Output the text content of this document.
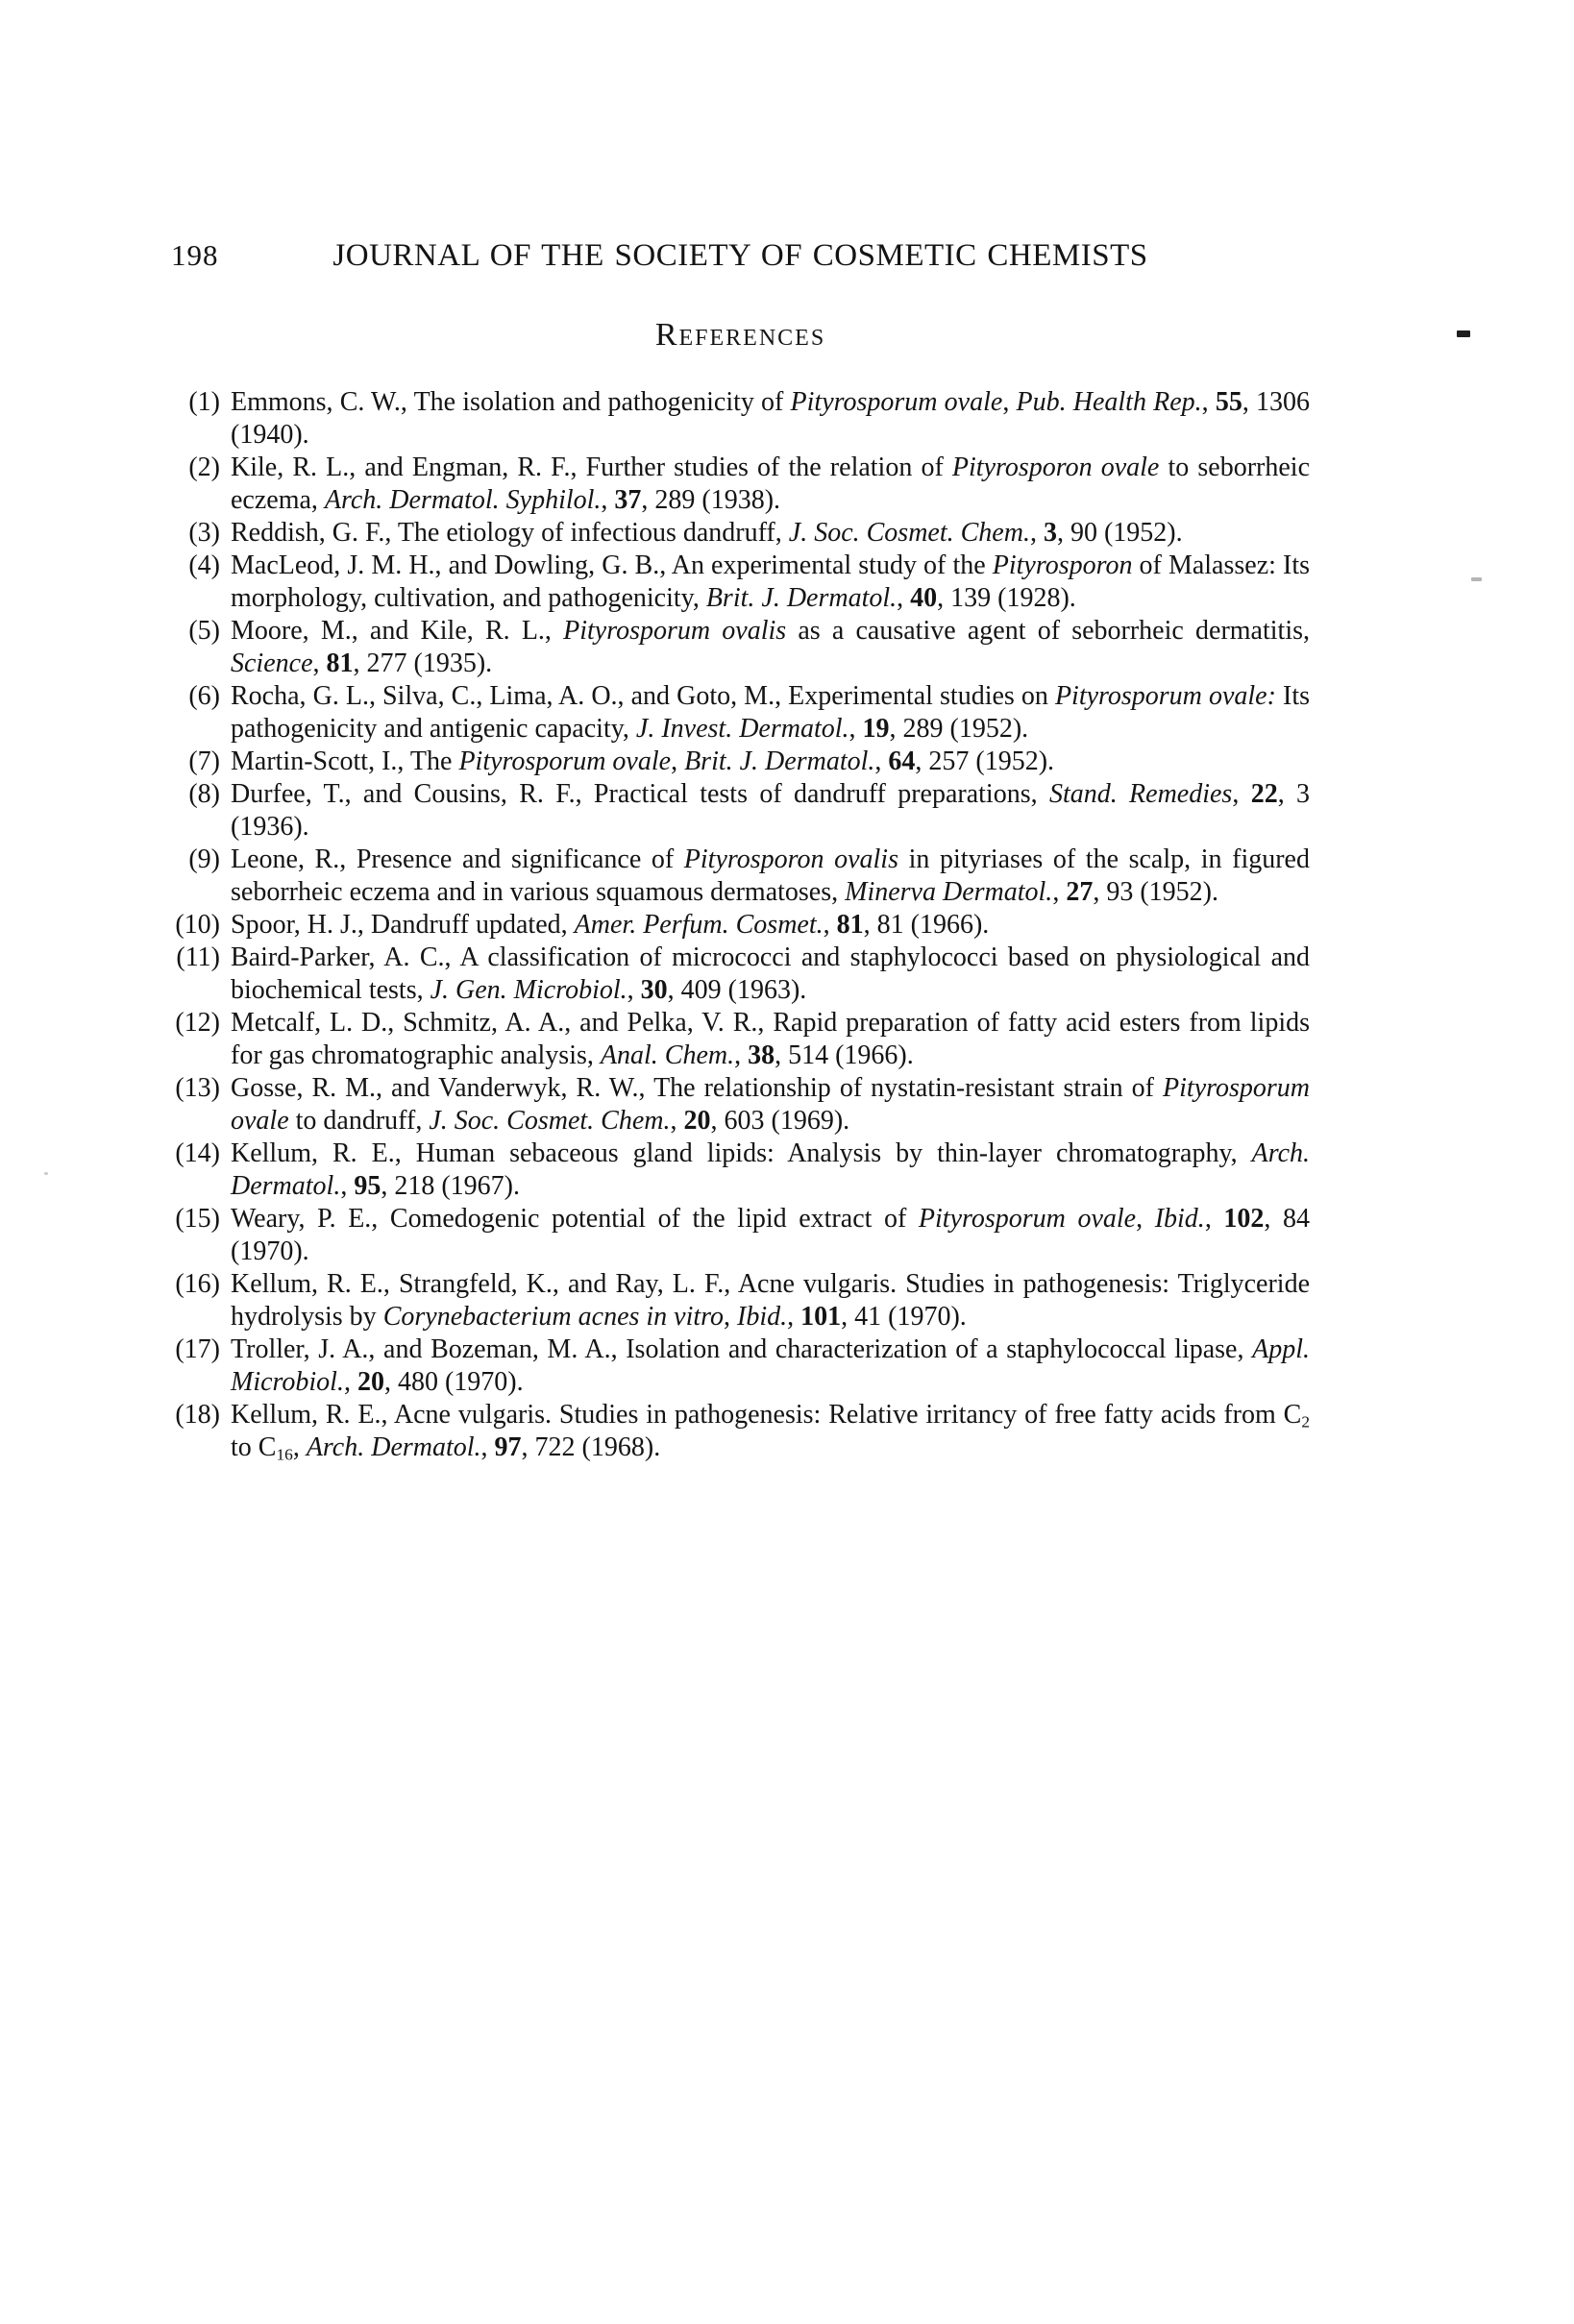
198	JOURNAL OF THE SOCIETY OF COSMETIC CHEMISTS
References

(1) Emmons, C. W., The isolation and pathogenicity of Pityrosporum ovale, Pub. Health Rep., 55, 1306 (1940).

(2) Kile, R. L., and Engman, R. F., Further studies of the relation of Pityrosporon ovale to seborrheic eczema, Arch. Dermatol. Syphilol., 37, 289 (1938).

(3) Reddish, G. F., The etiology of infectious dandruff, J. Soc. Cosmet. Chem., 3, 90 (1952).

(4) MacLeod, J. M. H., and Dowling, G. B., An experimental study of the Pityrosporon of Malassez: Its morphology, cultivation, and pathogenicity, Brit. J. Dermatol., 40, 139 (1928).

(5) Moore, M., and Kile, R. L., Pityrosporum ovalis as a causative agent of seborrheic dermatitis, Science, 81, 277 (1935).

(6) Rocha, G. L., Silva, C., Lima, A. O., and Goto, M., Experimental studies on Pityrosporum ovale: Its pathogenicity and antigenic capacity, J. Invest. Dermatol., 19, 289 (1952).

(7) Martin-Scott, I., The Pityrosporum ovale, Brit. J. Dermatol., 64, 257 (1952).

(8) Durfee, T., and Cousins, R. F., Practical tests of dandruff preparations, Stand. Remedies, 22, 3 (1936).

(9) Leone, R., Presence and significance of Pityrosporon ovalis in pityriases of the scalp, in figured seborrheic eczema and in various squamous dermatoses, Minerva Dermatol., 27, 93 (1952).

(10) Spoor, H. J., Dandruff updated, Amer. Perfum. Cosmet., 81, 81 (1966).

(11) Baird-Parker, A. C., A classification of micrococci and staphylococci based on physiological and biochemical tests, J. Gen. Microbiol., 30, 409 (1963).

(12) Metcalf, L. D., Schmitz, A. A., and Pelka, V. R., Rapid preparation of fatty acid esters from lipids for gas chromatographic analysis, Anal. Chem., 38, 514 (1966).

(13) Gosse, R. M., and Vanderwyk, R. W., The relationship of nystatin-resistant strain of Pityrosporum ovale to dandruff, J. Soc. Cosmet. Chem., 20, 603 (1969).

(14) Kellum, R. E., Human sebaceous gland lipids: Analysis by thin-layer chromatography, Arch. Dermatol., 95, 218 (1967).

(15) Weary, P. E., Comedogenic potential of the lipid extract of Pityrosporum ovale, Ibid., 102, 84 (1970).

(16) Kellum, R. E., Strangfeld, K., and Ray, L. F., Acne vulgaris. Studies in pathogenesis: Triglyceride hydrolysis by Corynebacterium acnes in vitro, Ibid., 101, 41 (1970).

(17) Troller, J. A., and Bozeman, M. A., Isolation and characterization of a staphylococcal lipase, Appl. Microbiol., 20, 480 (1970).

(18) Kellum, R. E., Acne vulgaris. Studies in pathogenesis: Relative irritancy of free fatty acids from C2 to C16, Arch. Dermatol., 97, 722 (1968).
